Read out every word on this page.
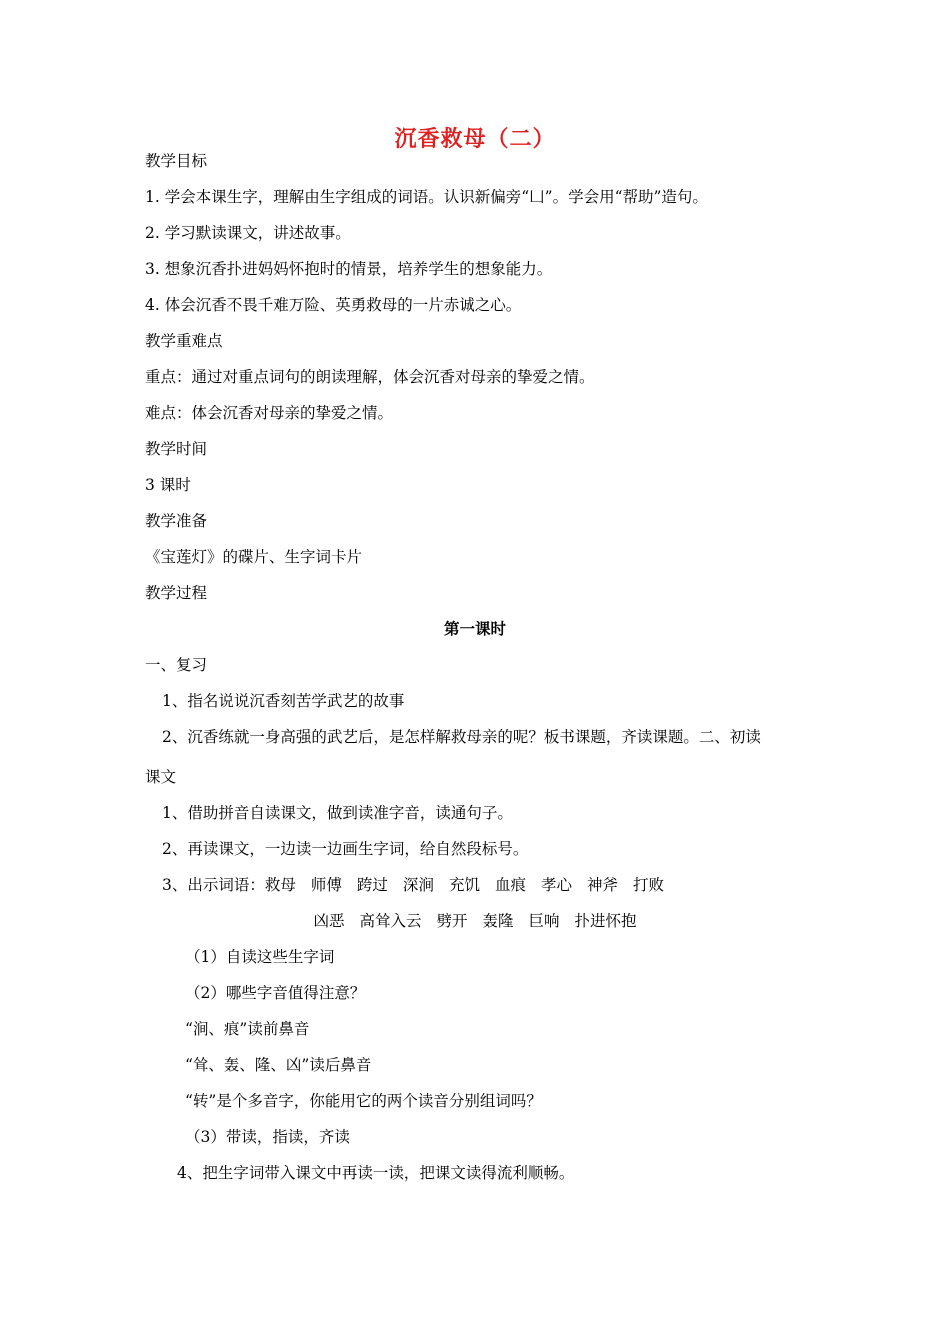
沉香救母（二）
教学目标
1. 学会本课生字，理解由生字组成的词语。认识新偏旁“凵”。学会用“帮助”造句。
2. 学习默读课文，讲述故事。
3. 想象沉香扑进妈妈怀抱时的情景，培养学生的想象能力。
4. 体会沉香不畏千难万险、英勇救母的一片赤诚之心。
教学重难点
重点：通过对重点词句的朗读理解，体会沉香对母亲的挚爱之情。
难点：体会沉香对母亲的挚爱之情。
教学时间
3 课时
教学准备
《宝莲灯》的碟片、生字词卡片
教学过程
第一课时
一、复习
1、指名说说沉香刻苦学武艺的故事
2、沉香练就一身高强的武艺后，是怎样解救母亲的呢？板书课题，齐读课题。二、初读
课文
1、借助拼音自读课文，做到读准字音，读通句子。
2、再读课文，一边读一边画生字词，给自然段标号。
3、出示词语：救母 师傅 跨过 深涧 充饥 血痕 孝心 神斧 打败
凶恶 高耸入云 劈开 轰隆 巨响 扑进怀抱
（1）自读这些生字词
（2）哪些字音值得注意？
“涧、痕”读前鼻音
“耸、轰、隆、凶”读后鼻音
“转”是个多音字，你能用它的两个读音分别组词吗？
（3）带读，指读，齐读
4、把生字词带入课文中再读一读，把课文读得流利顺畅。
